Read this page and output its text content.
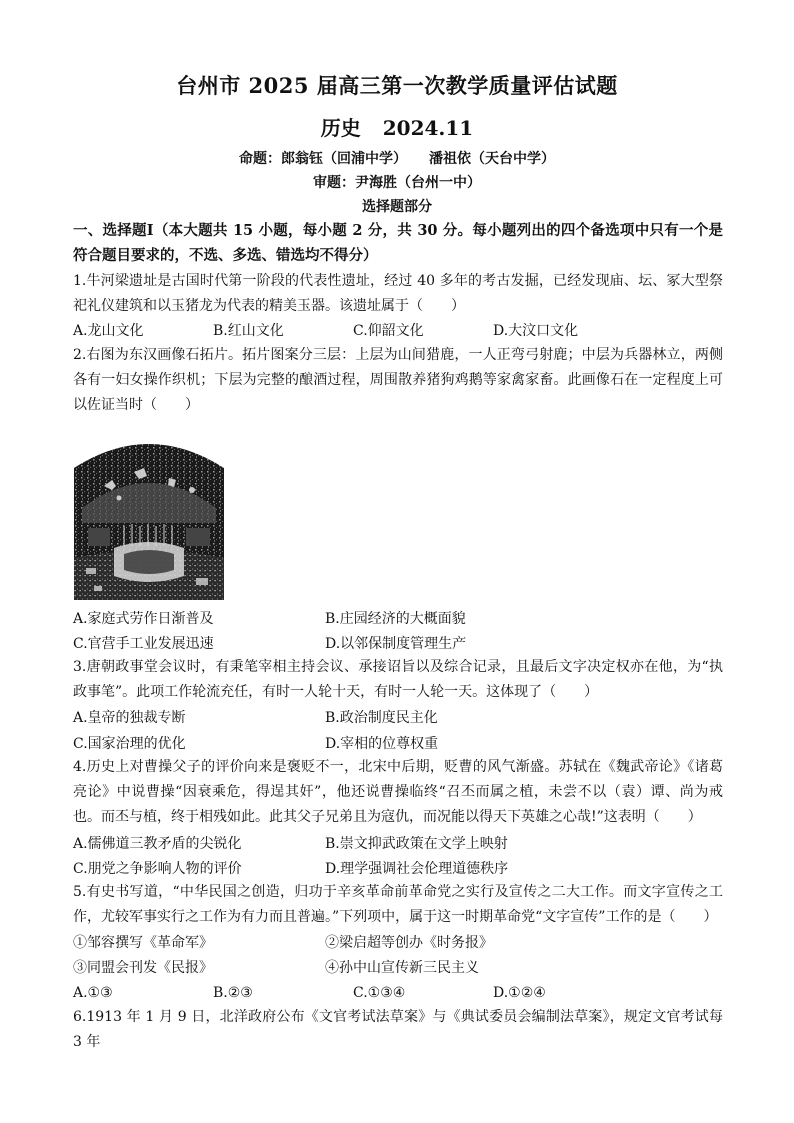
台州市 2025 届高三第一次教学质量评估试题
历史 2024.11
命题：郎翁钰（回浦中学） 潘祖依（天台中学）
审题：尹海胜（台州一中）
选择题部分
一、选择题Ⅰ（本大题共 15 小题，每小题 2 分，共 30 分。每小题列出的四个备选项中只有一个是符合题目要求的，不选、多选、错选均不得分）
1.牛河梁遗址是古国时代第一阶段的代表性遗址，经过 40 多年的考古发掘，已经发现庙、坛、冢大型祭祀礼仪建筑和以玉猪龙为代表的精美玉器。该遗址属于（　　）
A.龙山文化	B.红山文化	C.仰韶文化	D.大汶口文化
2.右图为东汉画像石拓片。拓片图案分三层：上层为山间猎鹿，一人正弯弓射鹿；中层为兵器林立，两侧各有一妇女操作织机；下层为完整的酿酒过程，周围散养猪狗鸡鹅等家禽家畜。此画像石在一定程度上可以佐证当时（　　）
A.家庭式劳作日渐普及	B.庄园经济的大概面貌
C.官营手工业发展迅速	D.以邻保制度管理生产
3.唐朝政事堂会议时，有秉笔宰相主持会议、承接诏旨以及综合记录，且最后文字决定权亦在他，为“执政事笔”。此项工作轮流充任，有时一人轮十天，有时一人轮一天。这体现了（　　）
A.皇帝的独裁专断	B.政治制度民主化
C.国家治理的优化	D.宰相的位尊权重
4.历史上对曹操父子的评价向来是褒贬不一，北宋中后期，贬曹的风气渐盛。苏轼在《魏武帝论》《诸葛亮论》中说曹操“因衰乘危，得逞其奸”，他还说曹操临终“召丕而属之植，未尝不以（袁）谭、尚为戒也。而丕与植，终于相残如此。此其父子兄弟且为寇仇，而况能以得天下英雄之心哉!”这表明（　　）
A.儒佛道三教矛盾的尖锐化	B.崇文抑武政策在文学上映射
C.朋党之争影响人物的评价	D.理学强调社会伦理道德秩序
5.有史书写道，“中华民国之创造，归功于辛亥革命前革命党之实行及宣传之二大工作。而文字宣传之工作，尤较军事实行之工作为有力而且普遍。”下列项中，属于这一时期革命党“文字宣传”工作的是（　　）
①邹容撰写《革命军》	②梁启超等创办《时务报》
③同盟会刊发《民报》	④孙中山宣传新三民主义
A.①③	B.②③	C.①③④	D.①②④
6.1913 年 1 月 9 日，北洋政府公布《文官考试法草案》与《典试委员会编制法草案》，规定文官考试每 3 年
